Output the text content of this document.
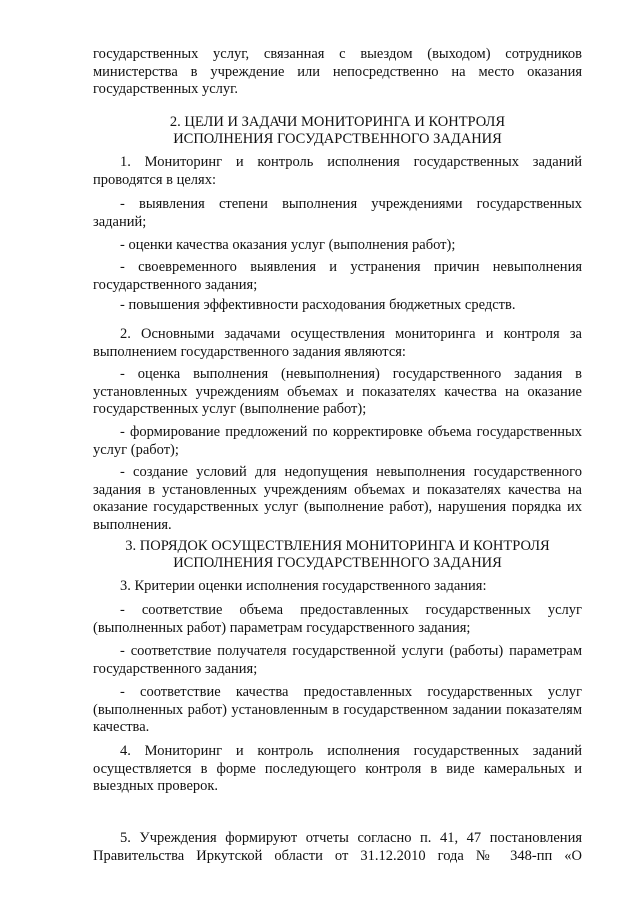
государственных услуг, связанная с выездом (выходом) сотрудников министерства в учреждение или непосредственно на место оказания государственных услуг.

2. ЦЕЛИ И ЗАДАЧИ МОНИТОРИНГА И КОНТРОЛЯ
ИСПОЛНЕНИЯ ГОСУДАРСТВЕННОГО ЗАДАНИЯ

1. Мониторинг и контроль исполнения государственных заданий проводятся в целях:

- выявления степени выполнения учреждениями государственных заданий;

- оценки качества оказания услуг (выполнения работ);

- своевременного выявления и устранения причин невыполнения государственного задания;

- повышения эффективности расходования бюджетных средств.

2. Основными задачами осуществления мониторинга и контроля за выполнением государственного задания являются:

- оценка выполнения (невыполнения) государственного задания в установленных учреждениям объемах и показателях качества на оказание государственных услуг (выполнение работ);

- формирование предложений по корректировке объема государственных услуг (работ);

- создание условий для недопущения невыполнения государственного задания в установленных учреждениям объемах и показателях качества на оказание государственных услуг (выполнение работ), нарушения порядка их выполнения.

3. ПОРЯДОК ОСУЩЕСТВЛЕНИЯ МОНИТОРИНГА И КОНТРОЛЯ
ИСПОЛНЕНИЯ ГОСУДАРСТВЕННОГО ЗАДАНИЯ

3. Критерии оценки исполнения государственного задания:

- соответствие объема предоставленных государственных услуг (выполненных работ) параметрам государственного задания;

- соответствие получателя государственной услуги (работы) параметрам государственного задания;

- соответствие качества предоставленных государственных услуг (выполненных работ) установленным в государственном задании показателям качества.

4. Мониторинг и контроль исполнения государственных заданий осуществляется в форме последующего контроля в виде камеральных и выездных проверок.

5. Учреждения формируют отчеты согласно п. 41, 47 постановления Правительства Иркутской области от 31.12.2010 года № 348-пп «О
